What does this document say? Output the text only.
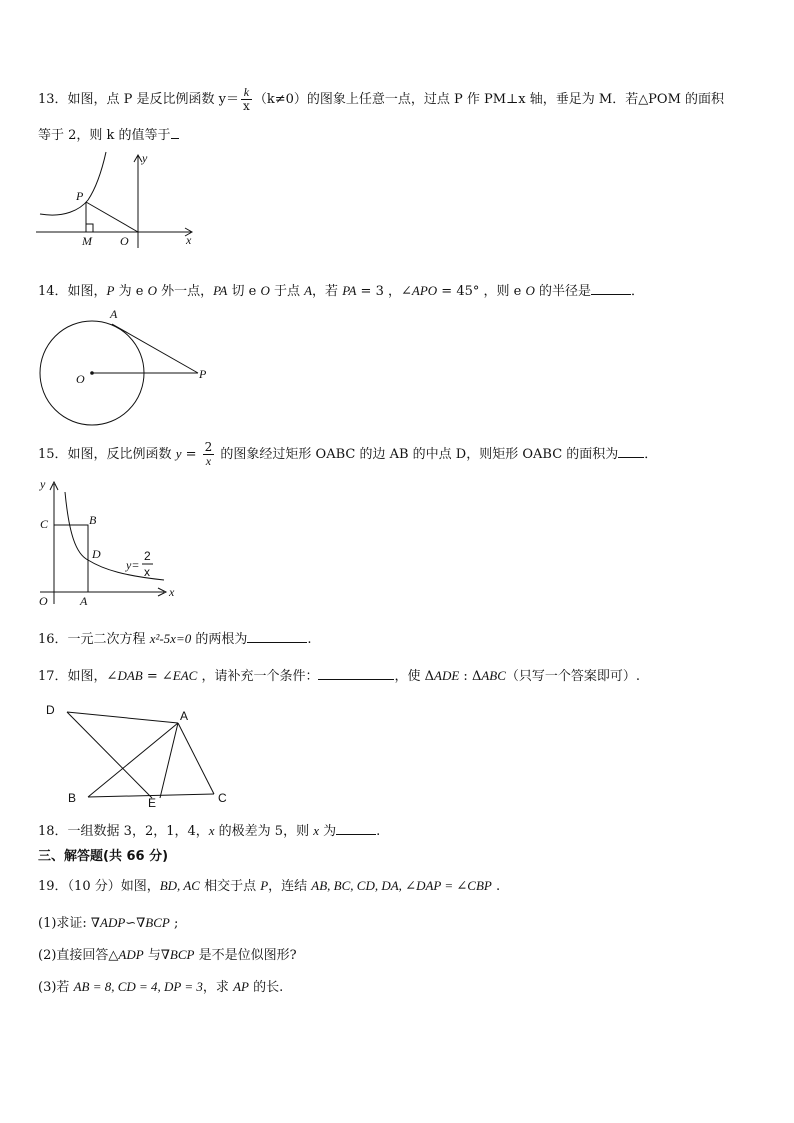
13．如图，点 P 是反比例函数 $y= \frac{k}{x} (k\ne 0)$的图象上任意一点，过点 P 作 PM⊥x 轴，垂足为 M．若△POM 的面积
等于 2，则 k 的值等于
y
x
P
M O
14．如图，P 为 e O 外一点，PA 切 e O 于点 A，若 PA = 3 ，∠APO = 45° ，则 e O 的半径是	．
A
O	P
15．如图，反比例函数 $y = \frac{2}{x}$ 的图象经过矩形 OABC 的边 AB 的中点 D，则矩形 OABC 的面积为 ．
y
x
C	B
D
O	A
y=
2
x
16．一元二次方程 x²-5x=0 的两根为	.
17．如图，∠DAB = ∠EAC ，请补充一个条件：	，使 ΔADE : ΔABC（只写一个答案即可）.
D	A
B	E	C
18．一组数据 3，2，1，4，x 的极差为 5，则 x 为	.
三、解答题(共 66 分)
19．（10 分）如图，BD, AC 相交于点 P，连结 AB, BC, CD, DA, ∠DAP = ∠CBP .
(1)求证: ∇ADP∽∇BCP ;
(2)直接回答△ADP 与∇BCP 是不是位似图形?
(3)若 AB = 8, CD = 4, DP = 3，求 AP 的长.
